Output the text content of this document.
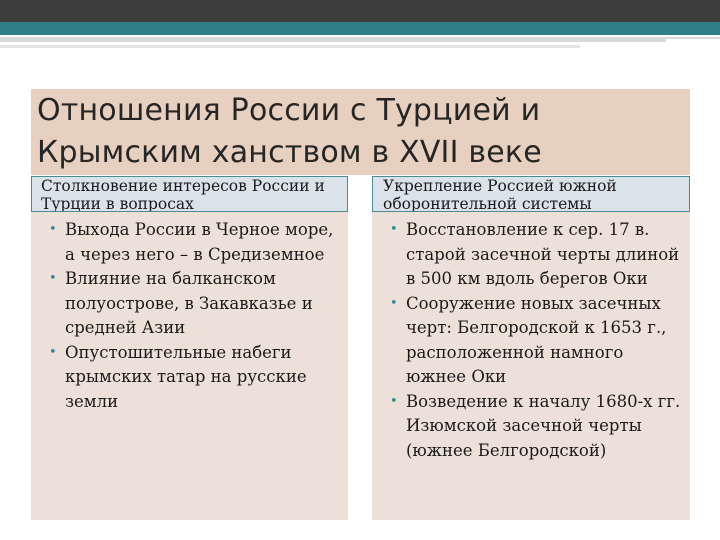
Отношения России с Турцией и Крымским ханством в XVII веке
Столкновение интересов России и Турции в вопросах
Укрепление Россией южной оборонительной системы
• Выхода России в Черное море, а через него – в Средиземное
• Влияние на балканском полуострове, в Закавказье и средней Азии
• Опустошительные набеги крымских татар на русские земли
• Восстановление к сер. 17 в. старой засечной черты длиной в 500 км вдоль берегов Оки
• Сооружение новых засечных черт: Белгородской к 1653 г., расположенной намного южнее Оки
• Возведение к началу 1680-х гг. Изюмской засечной черты (южнее Белгородской)
